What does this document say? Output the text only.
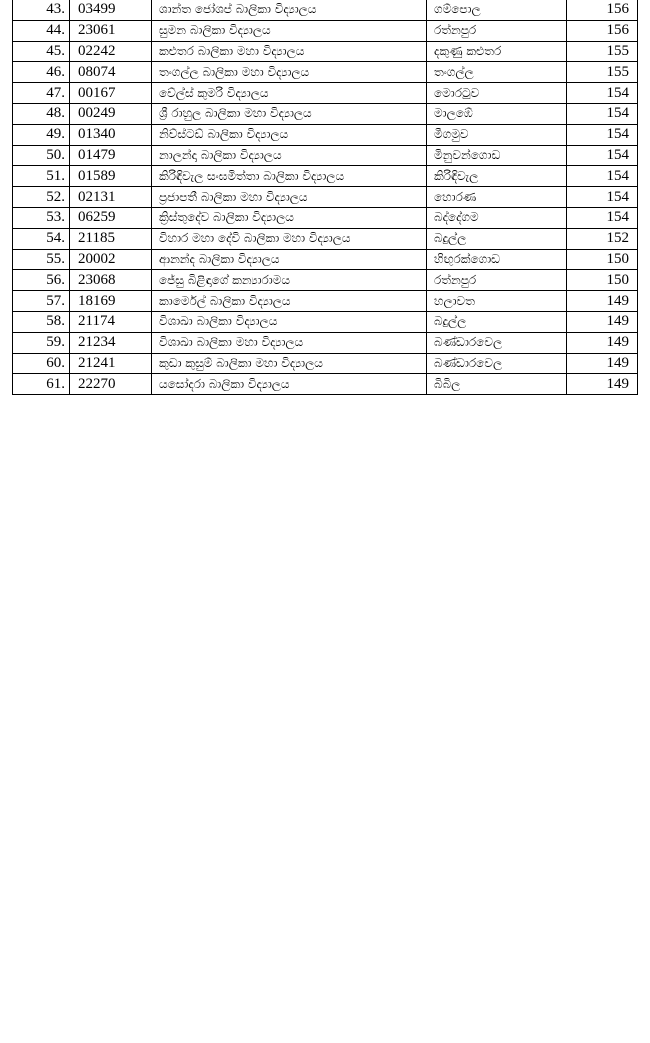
43.	03499	ශාන්ත ජෝශප් බාලිකා විද්‍යාලය	ගම්පොල	156
44.	23061	සුමන බාලිකා විද්‍යාලය	රත්නපුර	156
45.	02242	කළුතර බාලිකා මහා විද්‍යාලය	දකුණු කළුතර	155
46.	08074	තංගල්ල බාලිකා මහා විද්‍යාලය	තංගල්ල	155
47.	00167	වේල්ස් කුමරි විද්‍යාලය	මොරටුව	154
48.	00249	ශ්‍රී රාහුල බාලිකා මහා විද්‍යාලය	මාලඹේ	154
49.	01340	නිව්ස්ටඩ් බාලිකා විද්‍යාලය	මීගමුව	154
50.	01479	නාලන්දා බාලිකා විද්‍යාලය	මිනුවන්ගොඩ	154
51.	01589	කිරිඳිවැල සංඝමිත්තා බාලිකා විද්‍යාලය	කිරිඳිවැල	154
52.	02131	ප්‍රජාපතී බාලිකා මහා විද්‍යාලය	හොරණ	154
53.	06259	ක්‍රිස්තුදේව බාලිකා විද්‍යාලය	බද්දේගම	154
54.	21185	විහාර මහා දේවි බාලිකා මහා විද්‍යාලය	බදුල්ල	152
55.	20002	ආනන්ද බාලිකා විද්‍යාලය	හිඟුරක්ගොඩ	150
56.	23068	ජේසු බිළිඳාගේ කන්‍යාරාමය	රත්නපුර	150
57.	18169	කාර්මෙල් බාලිකා විද්‍යාලය	හලාවත	149
58.	21174	විශාඛා බාලිකා විද්‍යාලය	බදුල්ල	149
59.	21234	විශාඛා බාලිකා මහා විද්‍යාලය	බණ්ඩාරවෙල	149
60.	21241	කුඩා කුසුම් බාලිකා මහා විද්‍යාලය	බණ්ඩාරවෙල	149
61.	22270	යසෝදරා බාලිකා විද්‍යාලය	බිබිල	149
